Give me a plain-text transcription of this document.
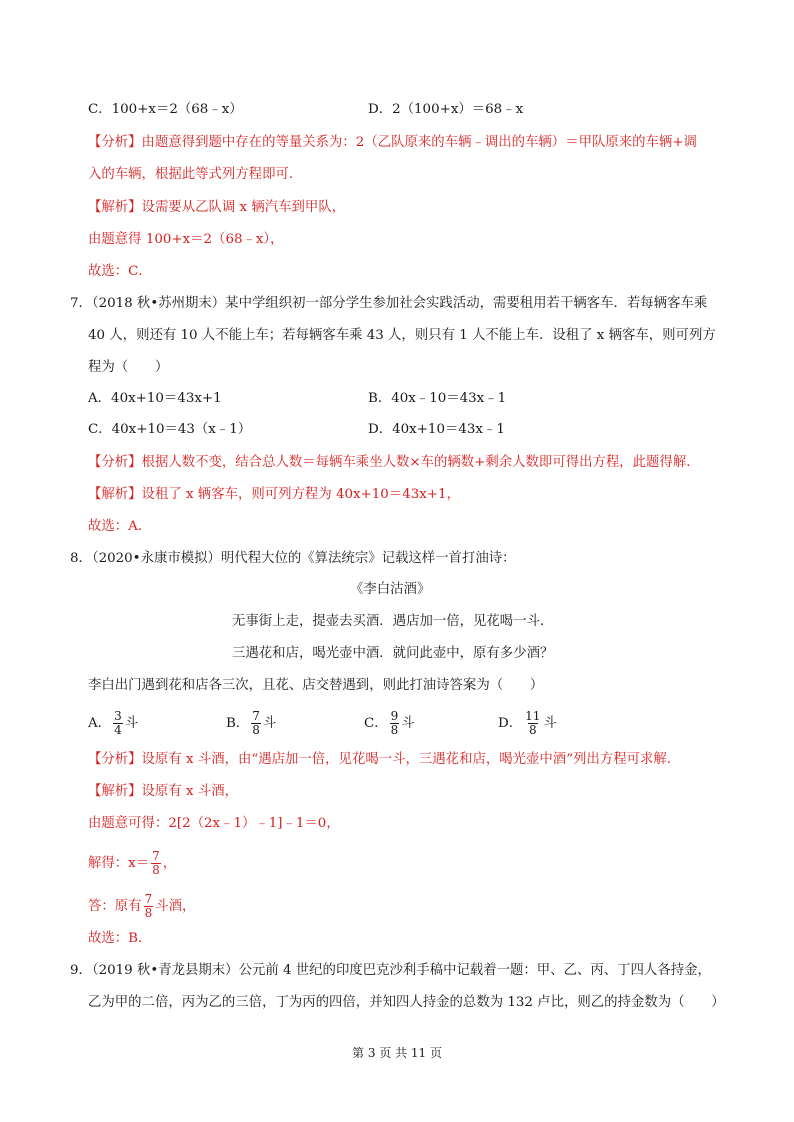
C．100+x＝2（68﹣x）	D．2（100+x）＝68﹣x
【分析】由题意得到题中存在的等量关系为：2（乙队原来的车辆﹣调出的车辆）＝甲队原来的车辆+调
入的车辆，根据此等式列方程即可．
【解析】设需要从乙队调 x 辆汽车到甲队，
由题意得 100+x＝2（68﹣x），
故选：C．
7．（2018 秋•苏州期末）某中学组织初一部分学生参加社会实践活动，需要租用若干辆客车．若每辆客车乘
40 人，则还有 10 人不能上车；若每辆客车乘 43 人，则只有 1 人不能上车．设租了 x 辆客车，则可列方
程为（　　）
A．40x+10＝43x+1	B．40x﹣10＝43x﹣1
C．40x+10＝43（x﹣1）	D．40x+10＝43x﹣1
【分析】根据人数不变，结合总人数＝每辆车乘坐人数×车的辆数+剩余人数即可得出方程，此题得解．
【解析】设租了 x 辆客车，则可列方程为 40x+10＝43x+1，
故选：A．
8．（2020•永康市模拟）明代程大位的《算法统宗》记载这样一首打油诗：
《李白沽酒》
无事街上走，提壶去买酒．遇店加一倍，见花喝一斗．
三遇花和店，喝光壶中酒．就问此壶中，原有多少酒？
李白出门遇到花和店各三次，且花、店交替遇到，则此打油诗答案为（　　）
A． $\frac{3}{4}$ 斗	B． $\frac{7}{8}$ 斗	C． $\frac{9}{8}$ 斗	D． $\frac{11}{8}$ 斗
【分析】设原有 x 斗酒，由“遇店加一倍，见花喝一斗，三遇花和店，喝光壶中酒”列出方程可求解．
【解析】设原有 x 斗酒，
由题意可得：2[2（2x﹣1）﹣1]﹣1＝0，
解得：$x= \frac{7}{8}$ ，
答：原有 $\frac{7}{8}$ 斗酒，
故选：B．
9．（2019 秋•青龙县期末）公元前 4 世纪的印度巴克沙利手稿中记载着一题：甲、乙、丙、丁四人各持金，
乙为甲的二倍，丙为乙的三倍，丁为丙的四倍，并知四人持金的总数为 132 卢比，则乙的持金数为（　　）
第 3 页 共 11 页
